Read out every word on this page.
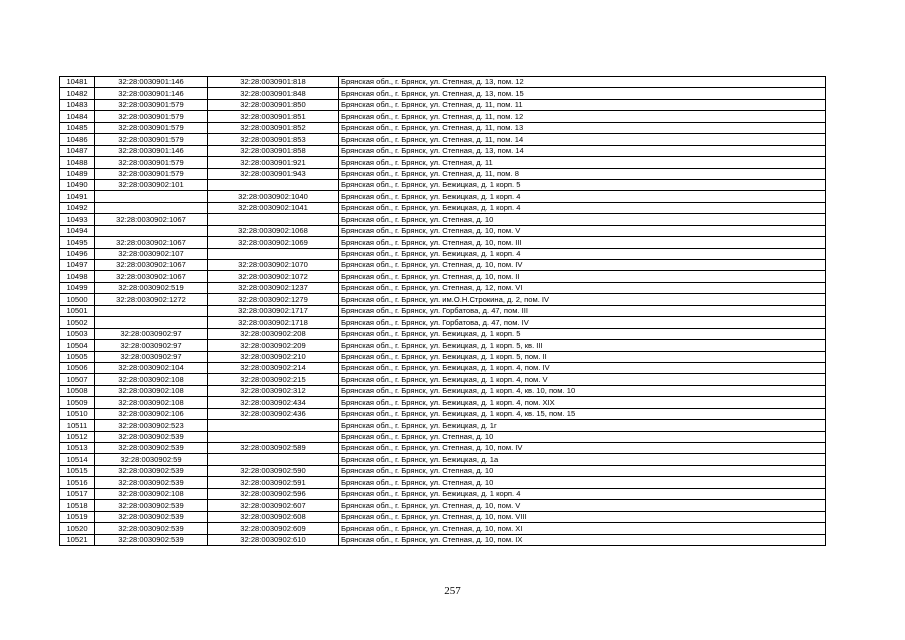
10481	32:28:0030901:146	32:28:0030901:818	Брянская обл., г. Брянск, ул. Степная, д. 13, пом. 12
10482	32:28:0030901:146	32:28:0030901:848	Брянская обл., г. Брянск, ул. Степная, д. 13, пом. 15
10483	32:28:0030901:579	32:28:0030901:850	Брянская обл., г. Брянск, ул. Степная, д. 11, пом. 11
10484	32:28:0030901:579	32:28:0030901:851	Брянская обл., г. Брянск, ул. Степная, д. 11, пом. 12
10485	32:28:0030901:579	32:28:0030901:852	Брянская обл., г. Брянск, ул. Степная, д. 11, пом. 13
10486	32:28:0030901:579	32:28:0030901:853	Брянская обл., г. Брянск, ул. Степная, д. 11, пом. 14
10487	32:28:0030901:146	32:28:0030901:858	Брянская обл., г. Брянск, ул. Степная, д. 13, пом. 14
10488	32:28:0030901:579	32:28:0030901:921	Брянская обл., г. Брянск, ул. Степная, д. 11
10489	32:28:0030901:579	32:28:0030901:943	Брянская обл., г. Брянск, ул. Степная, д. 11, пом. 8
10490	32:28:0030902:101		Брянская обл., г. Брянск, ул. Бежицкая, д. 1 корп. 5
10491		32:28:0030902:1040	Брянская обл., г. Брянск, ул. Бежицкая, д. 1 корп. 4
10492		32:28:0030902:1041	Брянская обл., г. Брянск, ул. Бежицкая, д. 1 корп. 4
10493	32:28:0030902:1067		Брянская обл., г. Брянск, ул. Степная, д. 10
10494		32:28:0030902:1068	Брянская обл., г. Брянск, ул. Степная, д. 10, пом. V
10495	32:28:0030902:1067	32:28:0030902:1069	Брянская обл., г. Брянск, ул. Степная, д. 10, пом. III
10496	32:28:0030902:107		Брянская обл., г. Брянск, ул. Бежицкая, д. 1 корп. 4
10497	32:28:0030902:1067	32:28:0030902:1070	Брянская обл., г. Брянск, ул. Степная, д. 10, пом. IV
10498	32:28:0030902:1067	32:28:0030902:1072	Брянская обл., г. Брянск, ул. Степная, д. 10, пом. II
10499	32:28:0030902:519	32:28:0030902:1237	Брянская обл., г. Брянск, ул. Степная, д. 12, пом. VI
10500	32:28:0030902:1272	32:28:0030902:1279	Брянская обл., г. Брянск, ул. им.О.Н.Строкина, д. 2, пом. IV
10501		32:28:0030902:1717	Брянская обл., г. Брянск, ул. Горбатова, д. 47, пом. III
10502		32:28:0030902:1718	Брянская обл., г. Брянск, ул. Горбатова, д. 47, пом. IV
10503	32:28:0030902:97	32:28:0030902:208	Брянская обл., г. Брянск, ул. Бежицкая, д. 1 корп. 5
10504	32:28:0030902:97	32:28:0030902:209	Брянская обл., г. Брянск, ул. Бежицкая, д. 1 корп. 5, кв. III
10505	32:28:0030902:97	32:28:0030902:210	Брянская обл., г. Брянск, ул. Бежицкая, д. 1 корп. 5, пом. II
10506	32:28:0030902:104	32:28:0030902:214	Брянская обл., г. Брянск, ул. Бежицкая, д. 1 корп. 4, пом. IV
10507	32:28:0030902:108	32:28:0030902:215	Брянская обл., г. Брянск, ул. Бежицкая, д. 1 корп. 4, пом. V
10508	32:28:0030902:108	32:28:0030902:312	Брянская обл., г. Брянск, ул. Бежицкая, д. 1 корп. 4, кв. 10, пом. 10
10509	32:28:0030902:108	32:28:0030902:434	Брянская обл., г. Брянск, ул. Бежицкая, д. 1 корп. 4, пом. XIX
10510	32:28:0030902:106	32:28:0030902:436	Брянская обл., г. Брянск, ул. Бежицкая, д. 1 корп. 4, кв. 15, пом. 15
10511	32:28:0030902:523		Брянская обл., г. Брянск, ул. Бежицкая, д. 1г
10512	32:28:0030902:539		Брянская обл., г. Брянск, ул. Степная, д. 10
10513	32:28:0030902:539	32:28:0030902:589	Брянская обл., г. Брянск, ул. Степная, д. 10, пом. IV
10514	32:28:0030902:59		Брянская обл., г. Брянск, ул. Бежицкая, д. 1а
10515	32:28:0030902:539	32:28:0030902:590	Брянская обл., г. Брянск, ул. Степная, д. 10
10516	32:28:0030902:539	32:28:0030902:591	Брянская обл., г. Брянск, ул. Степная, д. 10
10517	32:28:0030902:108	32:28:0030902:596	Брянская обл., г. Брянск, ул. Бежицкая, д. 1 корп. 4
10518	32:28:0030902:539	32:28:0030902:607	Брянская обл., г. Брянск, ул. Степная, д. 10, пом. V
10519	32:28:0030902:539	32:28:0030902:608	Брянская обл., г. Брянск, ул. Степная, д. 10, пом. VIII
10520	32:28:0030902:539	32:28:0030902:609	Брянская обл., г. Брянск, ул. Степная, д. 10, пом. XI
10521	32:28:0030902:539	32:28:0030902:610	Брянская обл., г. Брянск, ул. Степная, д. 10, пом. IX
257
